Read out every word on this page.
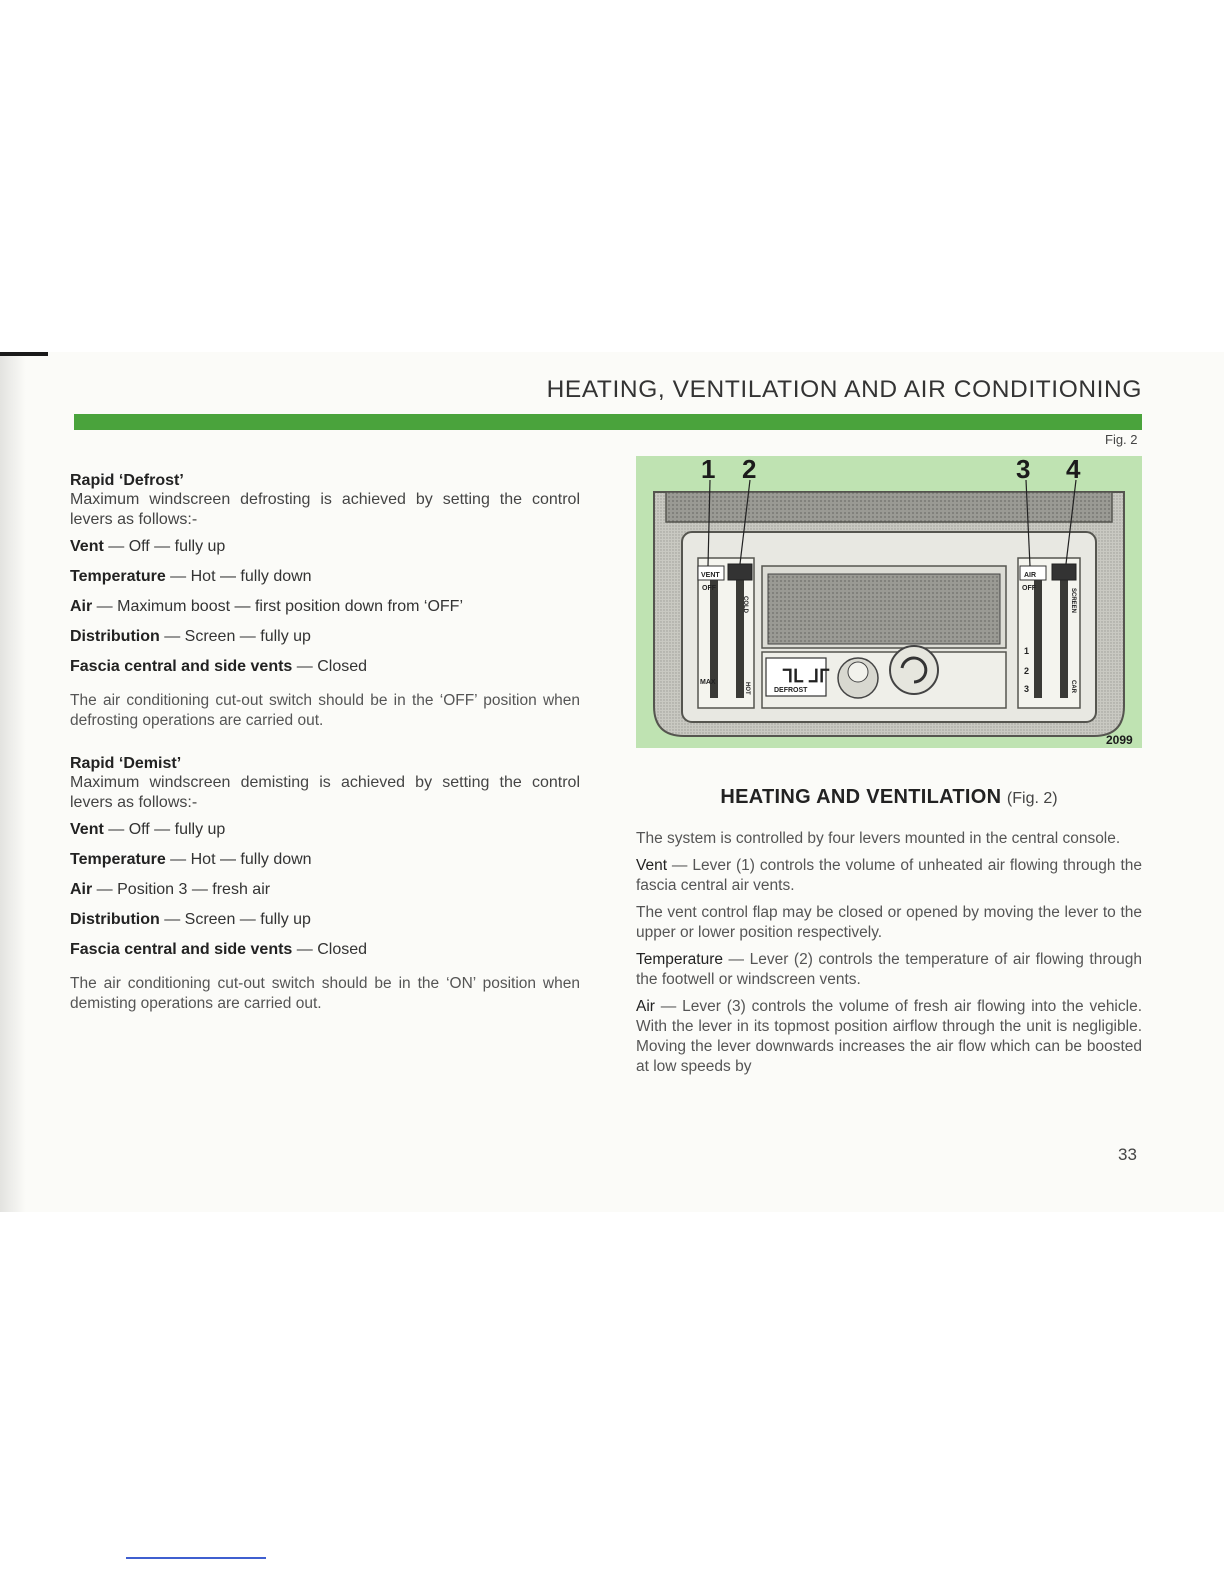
HEATING, VENTILATION AND AIR CONDITIONING

Rapid ‘Defrost’

Maximum windscreen defrosting is achieved by setting the control levers as follows:-

Vent — Off — fully up

Temperature — Hot — fully down

Air — Maximum boost — first position down from ‘OFF’

Distribution — Screen — fully up

Fascia central and side vents — Closed

The air conditioning cut-out switch should be in the ‘OFF’ position when defrosting operations are carried out.

Rapid ‘Demist’

Maximum windscreen demisting is achieved by setting the control levers as follows:-

Vent — Off — fully up

Temperature — Hot — fully down

Air — Position 3 — fresh air

Distribution — Screen — fully up

Fascia central and side vents — Closed

The air conditioning cut-out switch should be in the ‘ON’ position when demisting operations are carried out.

Fig. 2
ᒣᒪ ᒧᒥ
1 2	3 4
VENT
OFF
COLD
MAX	HOT
AIR
OFF	SCREEN
1
2
3	CAR
DEFROST
2099

HEATING AND VENTILATION (Fig. 2)

The system is controlled by four levers mounted in the central console.

Vent — Lever (1) controls the volume of unheated air flowing through the fascia central air vents.

The vent control flap may be closed or opened by moving the lever to the upper or lower position respectively.

Temperature — Lever (2) controls the temperature of air flowing through the footwell or windscreen vents.

Air — Lever (3) controls the volume of fresh air flowing into the vehicle. With the lever in its topmost position airflow through the unit is negligible. Moving the lever downwards increases the air flow which can be boosted at low speeds by

33
